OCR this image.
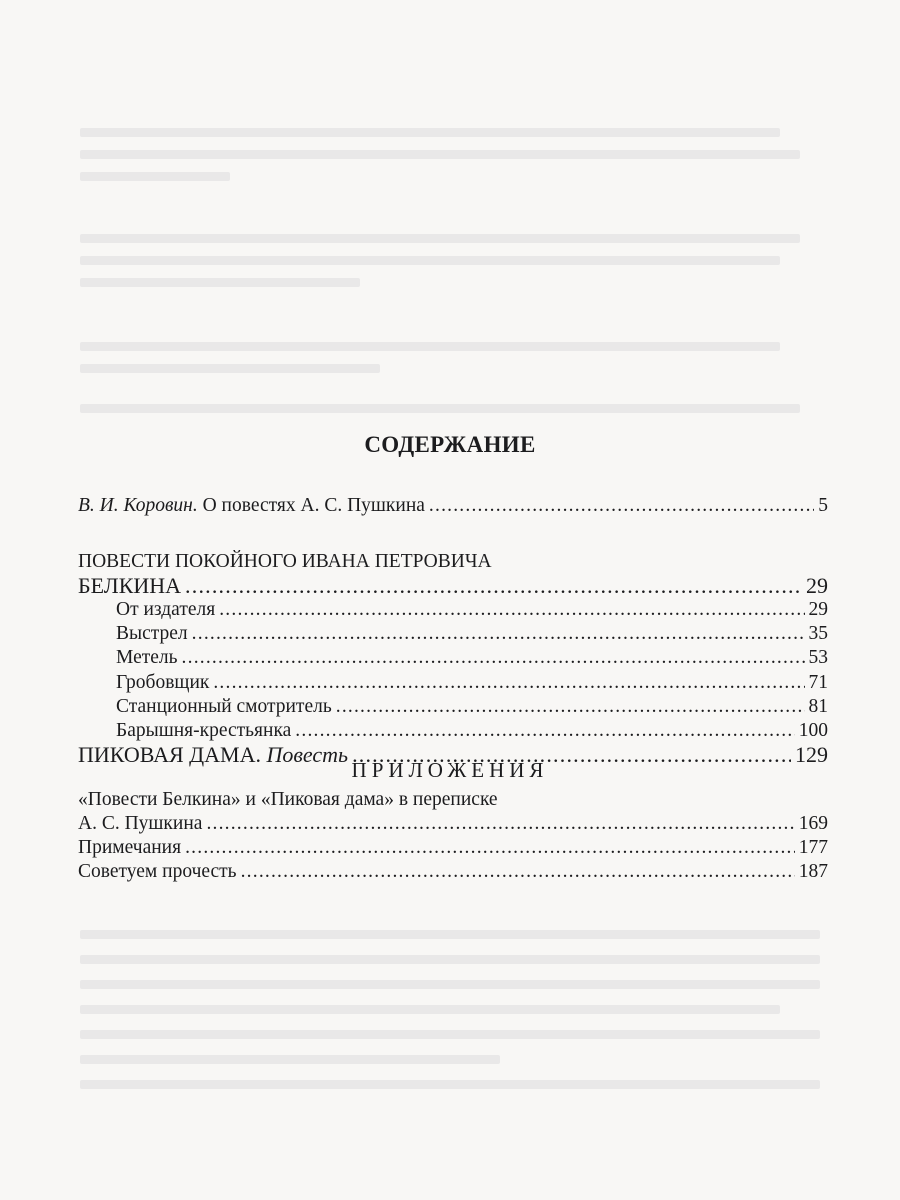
СОДЕРЖАНИЕ
В. И. Коровин. О повестях А. С. Пушкина .....	5
ПОВЕСТИ ПОКОЙНОГО ИВАНА ПЕТРОВИЧА
БЕЛКИНА .....	29
От издателя .....	29
Выстрел .....	35
Метель .....	53
Гробовщик .....	71
Станционный смотритель .....	81
Барышня-крестьянка .....	100
ПИКОВАЯ ДАМА. Повесть .....	129
ПРИЛОЖЕНИЯ
«Повести Белкина» и «Пиковая дама» в переписке
А. С. Пушкина .....	169
Примечания .....	177
Советуем прочесть .....	187
